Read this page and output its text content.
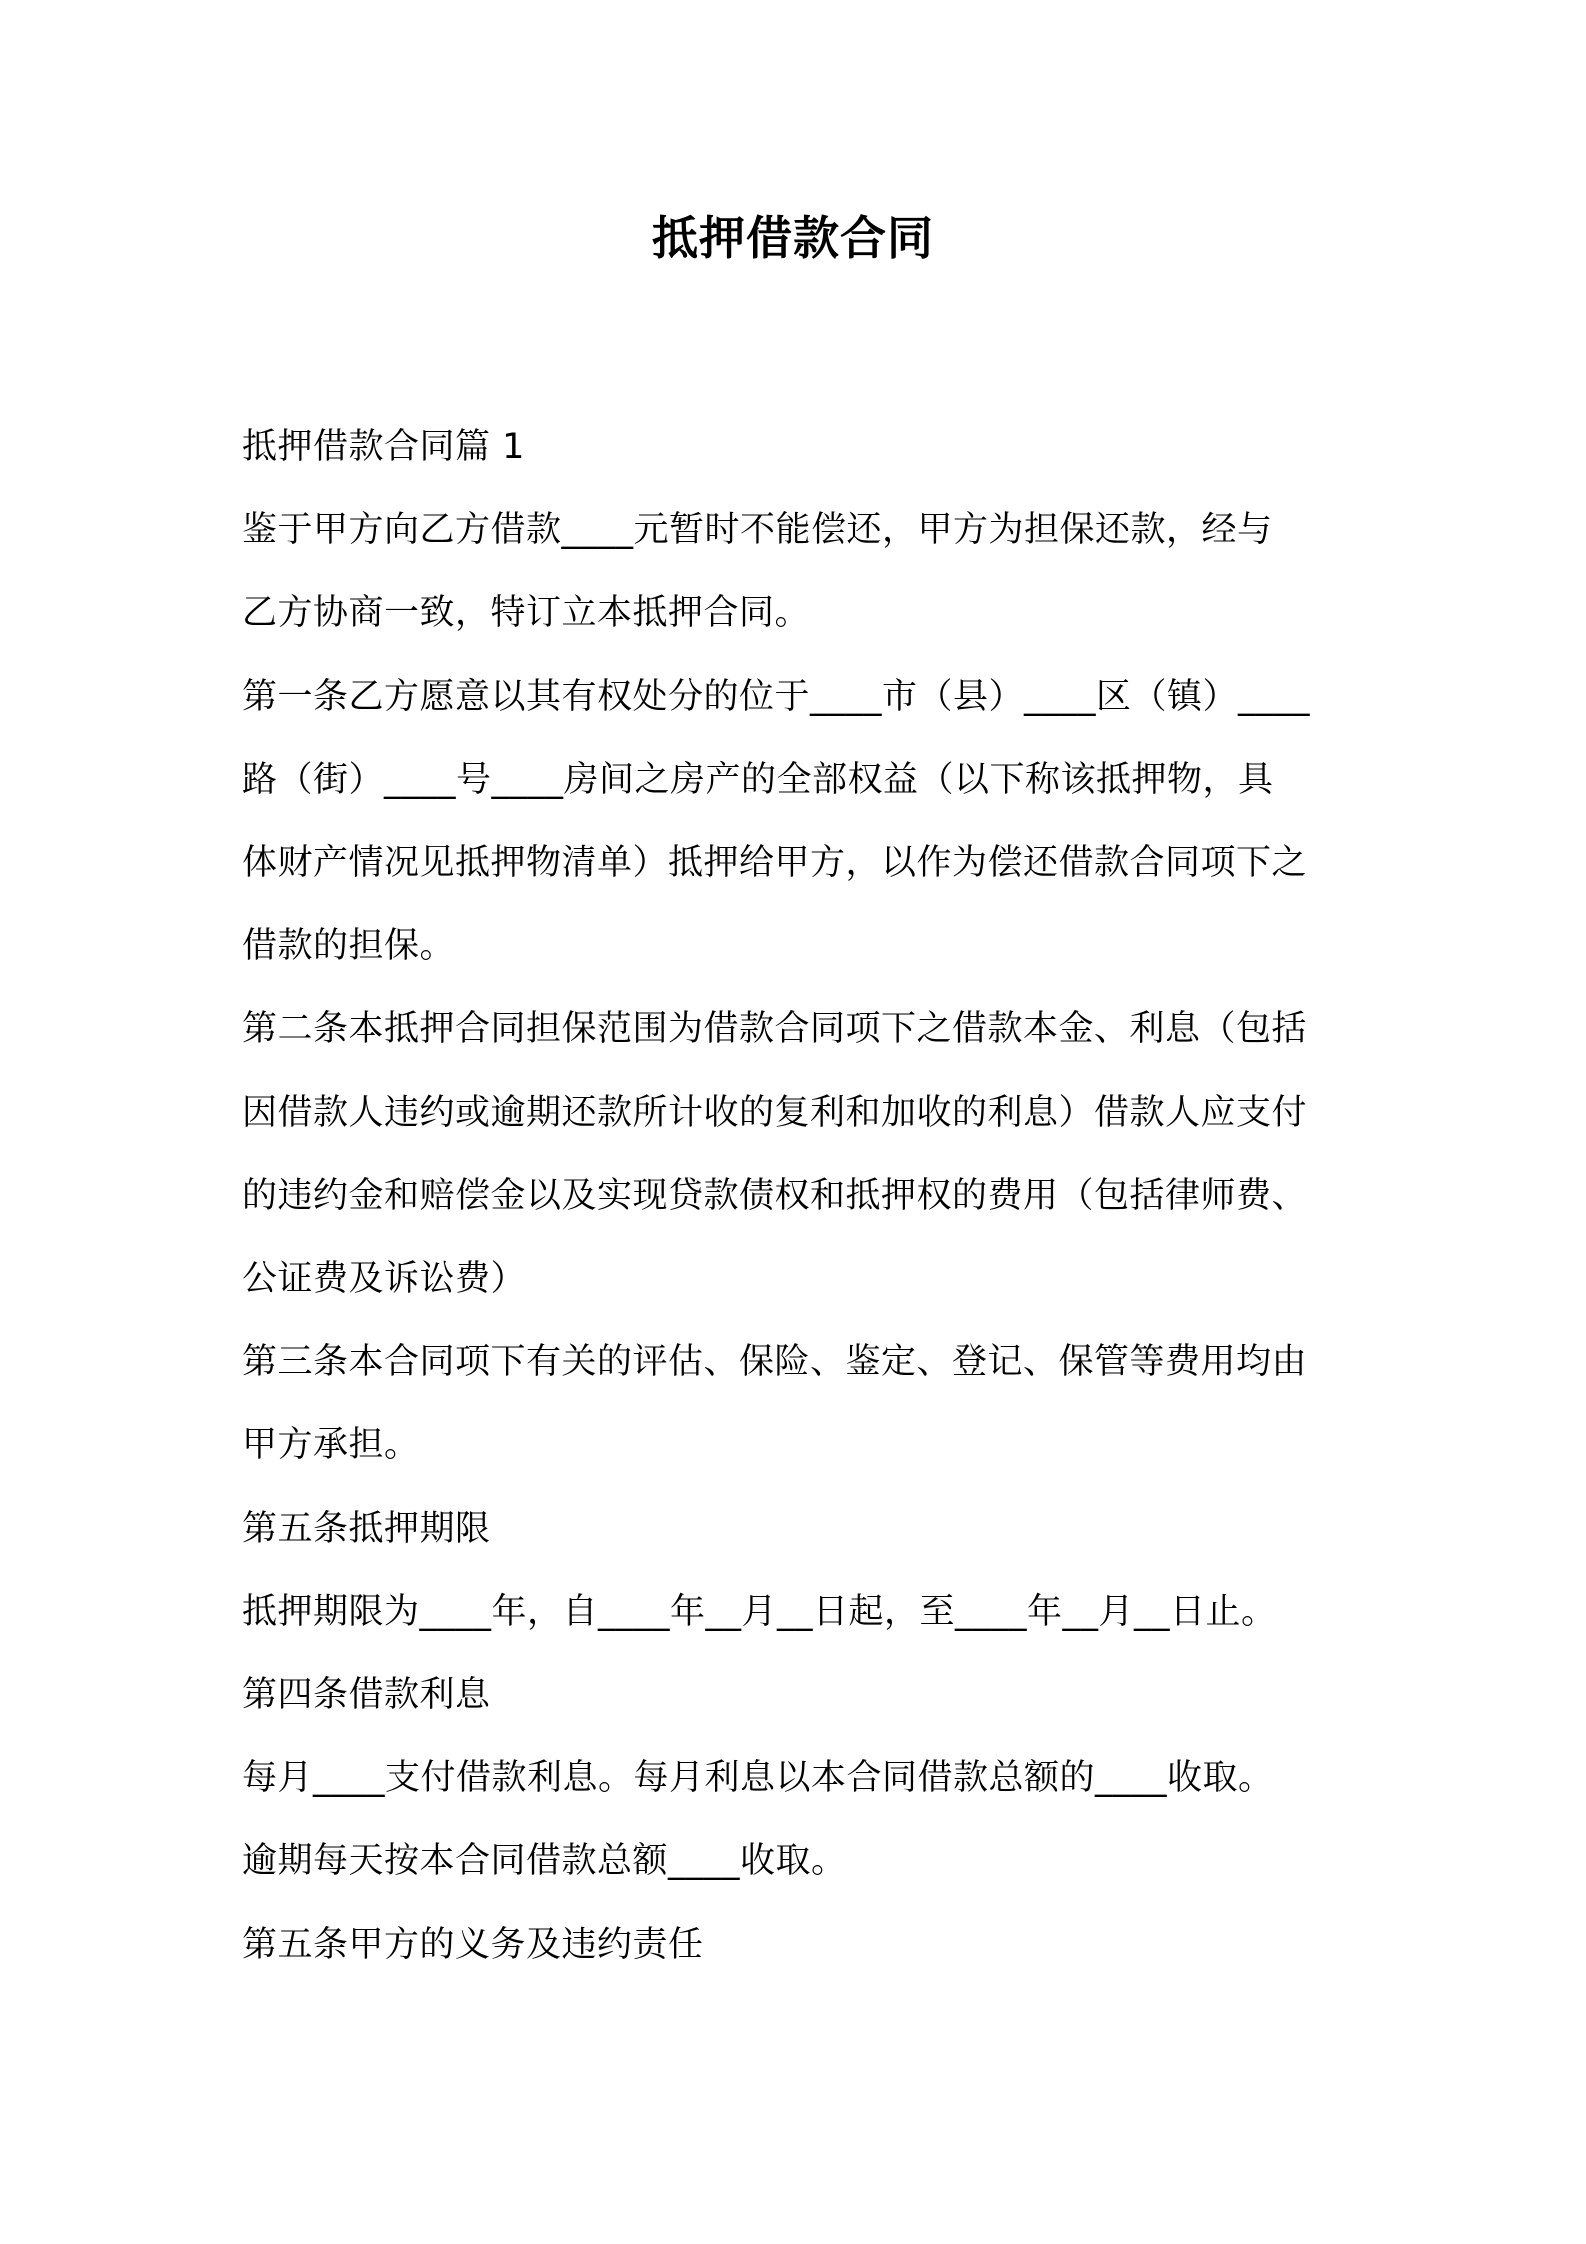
抵押借款合同

抵押借款合同篇 1

鉴于甲方向乙方借款____元暂时不能偿还，甲方为担保还款，经与

乙方协商一致，特订立本抵押合同。

第一条乙方愿意以其有权处分的位于____市（县）____区（镇）____

路（街）____号____房间之房产的全部权益（以下称该抵押物，具

体财产情况见抵押物清单）抵押给甲方，以作为偿还借款合同项下之

借款的担保。

第二条本抵押合同担保范围为借款合同项下之借款本金、利息（包括

因借款人违约或逾期还款所计收的复利和加收的利息）借款人应支付

的违约金和赔偿金以及实现贷款债权和抵押权的费用（包括律师费、

公证费及诉讼费）

第三条本合同项下有关的评估、保险、鉴定、登记、保管等费用均由

甲方承担。

第五条抵押期限

抵押期限为____年，自____年__月__日起，至____年__月__日止。

第四条借款利息

每月____支付借款利息。每月利息以本合同借款总额的____收取。

逾期每天按本合同借款总额____收取。

第五条甲方的义务及违约责任
